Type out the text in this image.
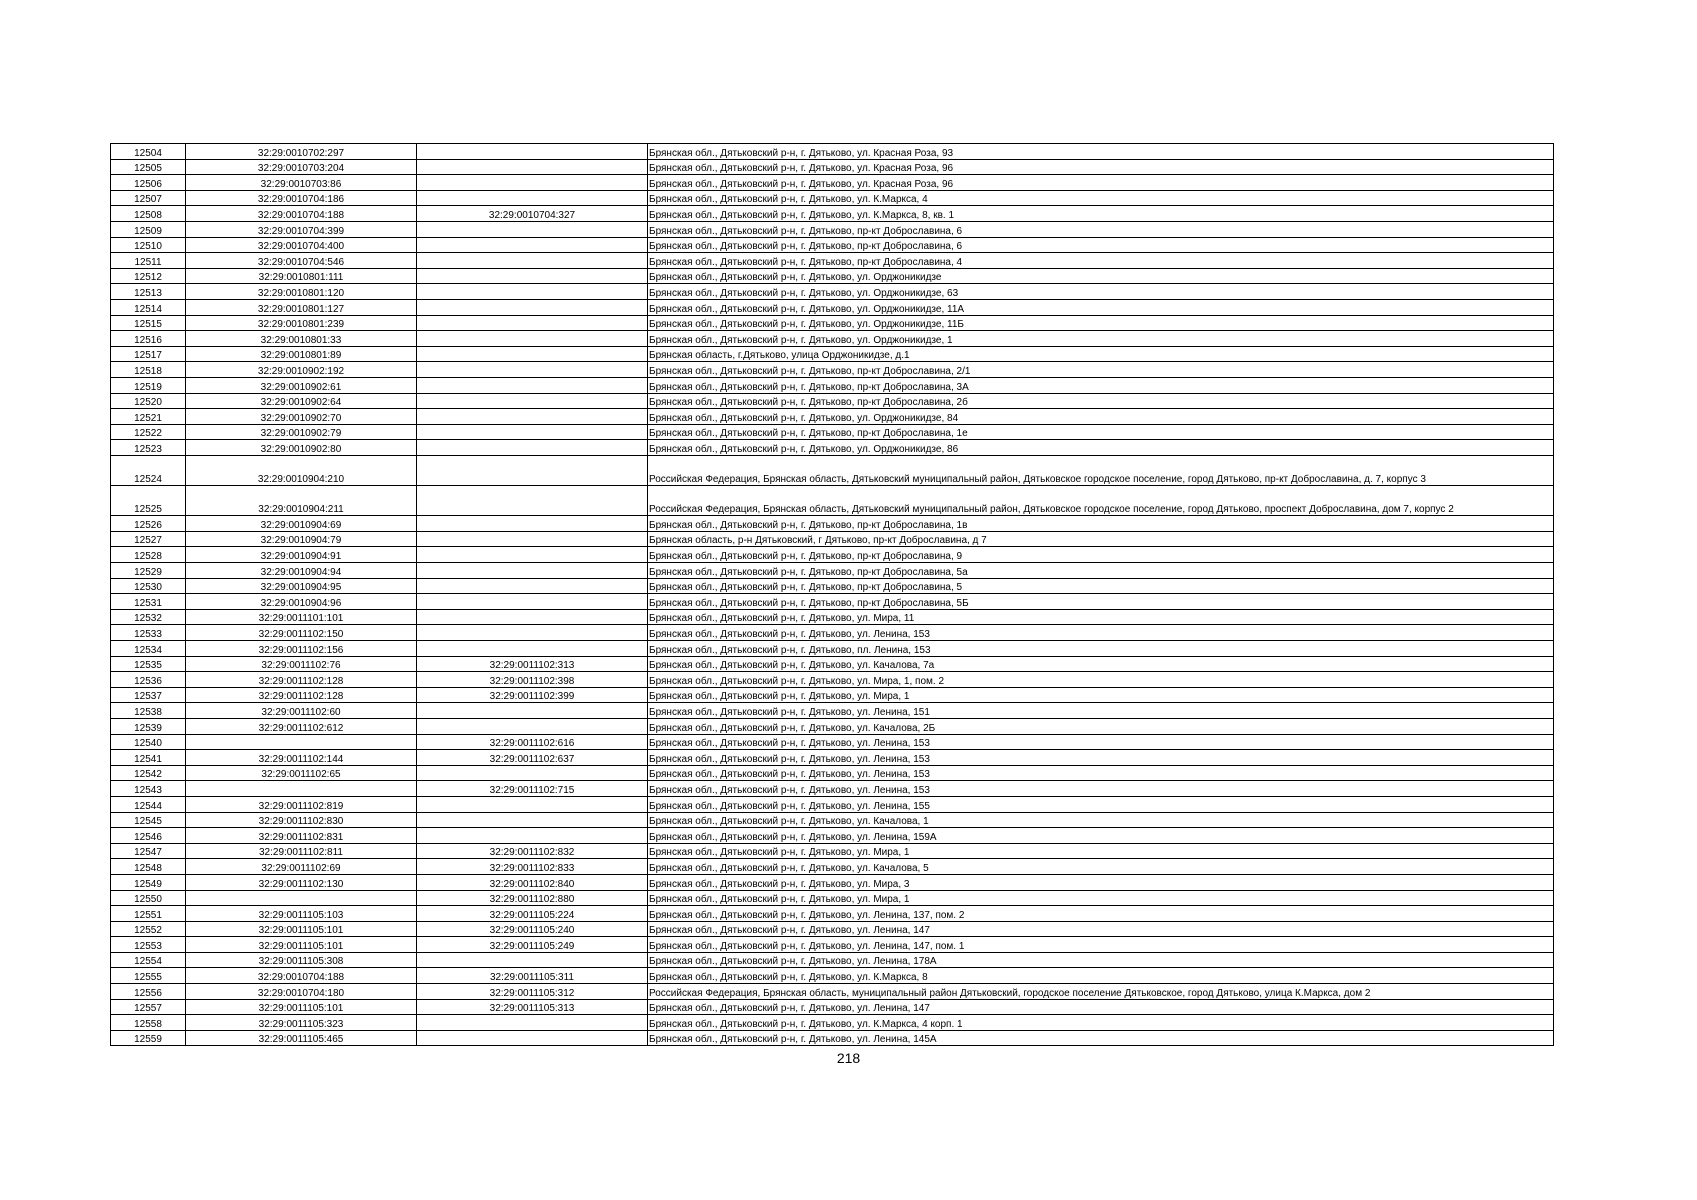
12504	32:29:0010702:297		Брянская обл., Дятьковский р-н, г. Дятьково, ул. Красная Роза, 93
12505	32:29:0010703:204		Брянская обл., Дятьковский р-н, г. Дятьково, ул. Красная Роза, 96
12506	32:29:0010703:86		Брянская обл., Дятьковский р-н, г. Дятьково, ул. Красная Роза, 96
12507	32:29:0010704:186		Брянская обл., Дятьковский р-н, г. Дятьково, ул. К.Маркса, 4
12508	32:29:0010704:188	32:29:0010704:327	Брянская обл., Дятьковский р-н, г. Дятьково, ул. К.Маркса, 8, кв. 1
12509	32:29:0010704:399		Брянская обл., Дятьковский р-н, г. Дятьково, пр-кт Доброславина, 6
12510	32:29:0010704:400		Брянская обл., Дятьковский р-н, г. Дятьково, пр-кт Доброславина, 6
12511	32:29:0010704:546		Брянская обл., Дятьковский р-н, г. Дятьково, пр-кт Доброславина, 4
12512	32:29:0010801:111		Брянская обл., Дятьковский р-н, г. Дятьково, ул. Орджоникидзе
12513	32:29:0010801:120		Брянская обл., Дятьковский р-н, г. Дятьково, ул. Орджоникидзе, 63
12514	32:29:0010801:127		Брянская обл., Дятьковский р-н, г. Дятьково, ул. Орджоникидзе, 11А
12515	32:29:0010801:239		Брянская обл., Дятьковский р-н, г. Дятьково, ул. Орджоникидзе, 11Б
12516	32:29:0010801:33		Брянская обл., Дятьковский р-н, г. Дятьково, ул. Орджоникидзе, 1
12517	32:29:0010801:89		Брянская область, г.Дятьково, улица Орджоникидзе, д.1
12518	32:29:0010902:192		Брянская обл., Дятьковский р-н, г. Дятьково, пр-кт Доброславина, 2/1
12519	32:29:0010902:61		Брянская обл., Дятьковский р-н, г. Дятьково, пр-кт Доброславина, 3А
12520	32:29:0010902:64		Брянская обл., Дятьковский р-н, г. Дятьково, пр-кт Доброславина, 2б
12521	32:29:0010902:70		Брянская обл., Дятьковский р-н, г. Дятьково, ул. Орджоникидзе, 84
12522	32:29:0010902:79		Брянская обл., Дятьковский р-н, г. Дятьково, пр-кт Доброславина, 1е
12523	32:29:0010902:80		Брянская обл., Дятьковский р-н, г. Дятьково, ул. Орджоникидзе, 86
12524	32:29:0010904:210		Российская Федерация, Брянская область, Дятьковский муниципальный район, Дятьковское городское поселение, город Дятьково, пр-кт Доброславина, д. 7, корпус 3
12525	32:29:0010904:211		Российская Федерация, Брянская область, Дятьковский муниципальный район, Дятьковское городское поселение, город Дятьково, проспект Доброславина, дом 7, корпус 2
12526	32:29:0010904:69		Брянская обл., Дятьковский р-н, г. Дятьково, пр-кт Доброславина, 1в
12527	32:29:0010904:79		Брянская область, р-н Дятьковский, г Дятьково, пр-кт Доброславина, д 7
12528	32:29:0010904:91		Брянская обл., Дятьковский р-н, г. Дятьково, пр-кт Доброславина, 9
12529	32:29:0010904:94		Брянская обл., Дятьковский р-н, г. Дятьково, пр-кт Доброславина, 5а
12530	32:29:0010904:95		Брянская обл., Дятьковский р-н, г. Дятьково, пр-кт Доброславина, 5
12531	32:29:0010904:96		Брянская обл., Дятьковский р-н, г. Дятьково, пр-кт Доброславина, 5Б
12532	32:29:0011101:101		Брянская обл., Дятьковский р-н, г. Дятьково, ул. Мира, 11
12533	32:29:0011102:150		Брянская обл., Дятьковский р-н, г. Дятьково, ул. Ленина, 153
12534	32:29:0011102:156		Брянская обл., Дятьковский р-н, г. Дятьково, пл. Ленина, 153
12535	32:29:0011102:76	32:29:0011102:313	Брянская обл., Дятьковский р-н, г. Дятьково, ул. Качалова, 7а
12536	32:29:0011102:128	32:29:0011102:398	Брянская обл., Дятьковский р-н, г. Дятьково, ул. Мира, 1, пом. 2
12537	32:29:0011102:128	32:29:0011102:399	Брянская обл., Дятьковский р-н, г. Дятьково, ул. Мира, 1
12538	32:29:0011102:60		Брянская обл., Дятьковский р-н, г. Дятьково, ул. Ленина, 151
12539	32:29:0011102:612		Брянская обл., Дятьковский р-н, г. Дятьково, ул. Качалова, 2Б
12540		32:29:0011102:616	Брянская обл., Дятьковский р-н, г. Дятьково, ул. Ленина, 153
12541	32:29:0011102:144	32:29:0011102:637	Брянская обл., Дятьковский р-н, г. Дятьково, ул. Ленина, 153
12542	32:29:0011102:65		Брянская обл., Дятьковский р-н, г. Дятьково, ул. Ленина, 153
12543		32:29:0011102:715	Брянская обл., Дятьковский р-н, г. Дятьково, ул. Ленина, 153
12544	32:29:0011102:819		Брянская обл., Дятьковский р-н, г. Дятьково, ул. Ленина, 155
12545	32:29:0011102:830		Брянская обл., Дятьковский р-н, г. Дятьково, ул. Качалова, 1
12546	32:29:0011102:831		Брянская обл., Дятьковский р-н, г. Дятьково, ул. Ленина, 159А
12547	32:29:0011102:811	32:29:0011102:832	Брянская обл., Дятьковский р-н, г. Дятьково, ул. Мира, 1
12548	32:29:0011102:69	32:29:0011102:833	Брянская обл., Дятьковский р-н, г. Дятьково, ул. Качалова, 5
12549	32:29:0011102:130	32:29:0011102:840	Брянская обл., Дятьковский р-н, г. Дятьково, ул. Мира, 3
12550		32:29:0011102:880	Брянская обл., Дятьковский р-н, г. Дятьково, ул. Мира, 1
12551	32:29:0011105:103	32:29:0011105:224	Брянская обл., Дятьковский р-н, г. Дятьково, ул. Ленина, 137, пом. 2
12552	32:29:0011105:101	32:29:0011105:240	Брянская обл., Дятьковский р-н, г. Дятьково, ул. Ленина, 147
12553	32:29:0011105:101	32:29:0011105:249	Брянская обл., Дятьковский р-н, г. Дятьково, ул. Ленина, 147, пом. 1
12554	32:29:0011105:308		Брянская обл., Дятьковский р-н, г. Дятьково, ул. Ленина, 178А
12555	32:29:0010704:188	32:29:0011105:311	Брянская обл., Дятьковский р-н, г. Дятьково, ул. К.Маркса, 8
12556	32:29:0010704:180	32:29:0011105:312	Российская Федерация, Брянская область, муниципальный район Дятьковский, городское поселение Дятьковское, город Дятьково, улица К.Маркса, дом 2
12557	32:29:0011105:101	32:29:0011105:313	Брянская обл., Дятьковский р-н, г. Дятьково, ул. Ленина, 147
12558	32:29:0011105:323		Брянская обл., Дятьковский р-н, г. Дятьково, ул. К.Маркса, 4 корп. 1
12559	32:29:0011105:465		Брянская обл., Дятьковский р-н, г. Дятьково, ул. Ленина, 145А
218
